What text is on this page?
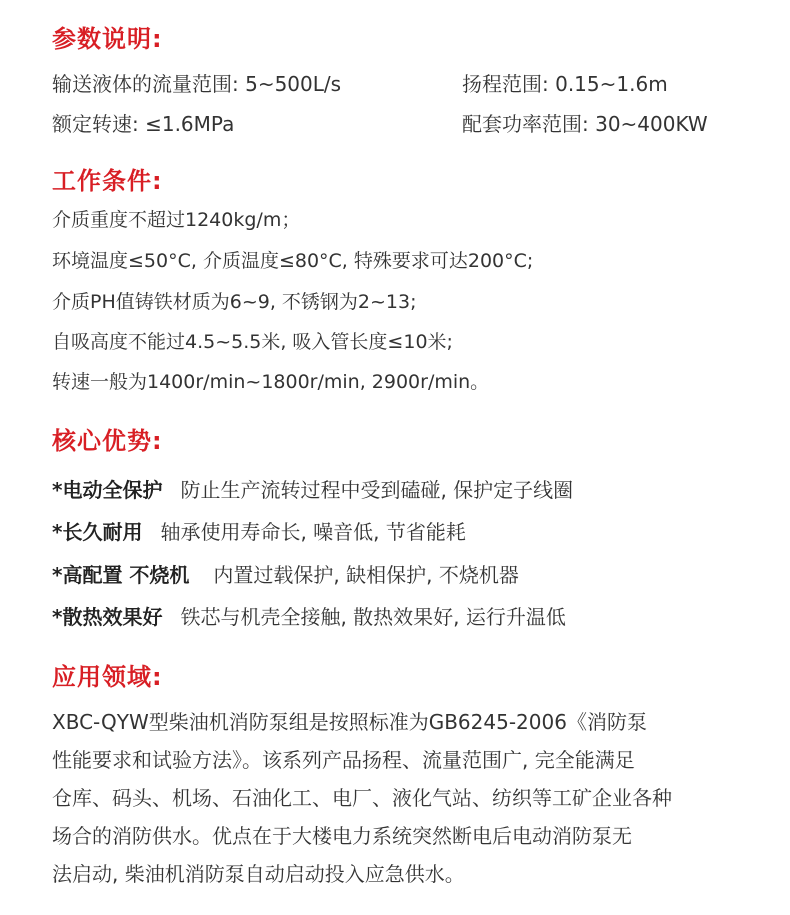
参数说明:
输送液体的流量范围: 5~500L/s	扬程范围: 0.15~1.6m
额定转速: ≤1.6MPa	配套功率范围: 30~400KW
工作条件:
介质重度不超过1240kg/m；
环境温度≤50°C, 介质温度≤80°C, 特殊要求可达200°C;
介质PH值铸铁材质为6~9, 不锈钢为2~13;
自吸高度不能过4.5~5.5米, 吸入管长度≤10米;
转速一般为1400r/min~1800r/min, 2900r/min。
核心优势:
*电动全保护 防止生产流转过程中受到磕碰, 保护定子线圈
*长久耐用 轴承使用寿命长, 噪音低, 节省能耗
*高配置 不烧机 内置过载保护, 缺相保护, 不烧机器
*散热效果好 铁芯与机壳全接触, 散热效果好, 运行升温低
应用领域:
XBC-QYW型柴油机消防泵组是按照标准为GB6245-2006《消防泵
性能要求和试验方法》。该系列产品扬程、流量范围广, 完全能满足
仓库、码头、机场、石油化工、电厂、液化气站、纺织等工矿企业各种
场合的消防供水。优点在于大楼电力系统突然断电后电动消防泵无
法启动, 柴油机消防泵自动启动投入应急供水。
